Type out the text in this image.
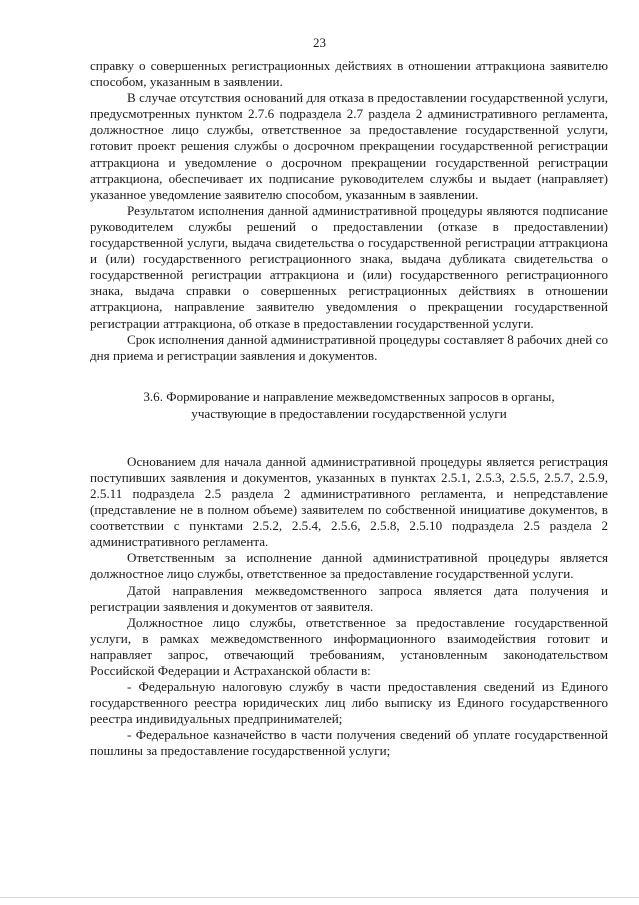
23

справку о совершенных регистрационных действиях в отношении аттракциона заявителю способом, указанным в заявлении.

В случае отсутствия оснований для отказа в предоставлении государственной услуги, предусмотренных пунктом 2.7.6 подраздела 2.7 раздела 2 административного регламента, должностное лицо службы, ответственное за предоставление государственной услуги, готовит проект решения службы о досрочном прекращении государственной регистрации аттракциона и уведомление о досрочном прекращении государственной регистрации аттракциона, обеспечивает их подписание руководителем службы и выдает (направляет) указанное уведомление заявителю способом, указанным в заявлении.

Результатом исполнения данной административной процедуры являются подписание руководителем службы решений о предоставлении (отказе в предоставлении) государственной услуги, выдача свидетельства о государственной регистрации аттракциона и (или) государственного регистрационного знака, выдача дубликата свидетельства о государственной регистрации аттракциона и (или) государственного регистрационного знака, выдача справки о совершенных регистрационных действиях в отношении аттракциона, направление заявителю уведомления о прекращении государственной регистрации аттракциона, об отказе в предоставлении государственной услуги.

Срок исполнения данной административной процедуры составляет 8 рабочих дней со дня приема и регистрации заявления и документов.

3.6. Формирование и направление межведомственных запросов в органы,
участвующие в предоставлении государственной услуги

Основанием для начала данной административной процедуры является регистрация поступивших заявления и документов, указанных в пунктах 2.5.1, 2.5.3, 2.5.5, 2.5.7, 2.5.9, 2.5.11 подраздела 2.5 раздела 2 административного регламента, и непредставление (представление не в полном объеме) заявителем по собственной инициативе документов, в соответствии с пунктами 2.5.2, 2.5.4, 2.5.6, 2.5.8, 2.5.10 подраздела 2.5 раздела 2 административного регламента.

Ответственным за исполнение данной административной процедуры является должностное лицо службы, ответственное за предоставление государственной услуги.

Датой направления межведомственного запроса является дата получения и регистрации заявления и документов от заявителя.

Должностное лицо службы, ответственное за предоставление государственной услуги, в рамках межведомственного информационного взаимодействия готовит и направляет запрос, отвечающий требованиям, установленным законодательством Российской Федерации и Астраханской области в:

- Федеральную налоговую службу в части предоставления сведений из Единого государственного реестра юридических лиц либо выписку из Единого государственного реестра индивидуальных предпринимателей;

- Федеральное казначейство в части получения сведений об уплате государственной пошлины за предоставление государственной услуги;
